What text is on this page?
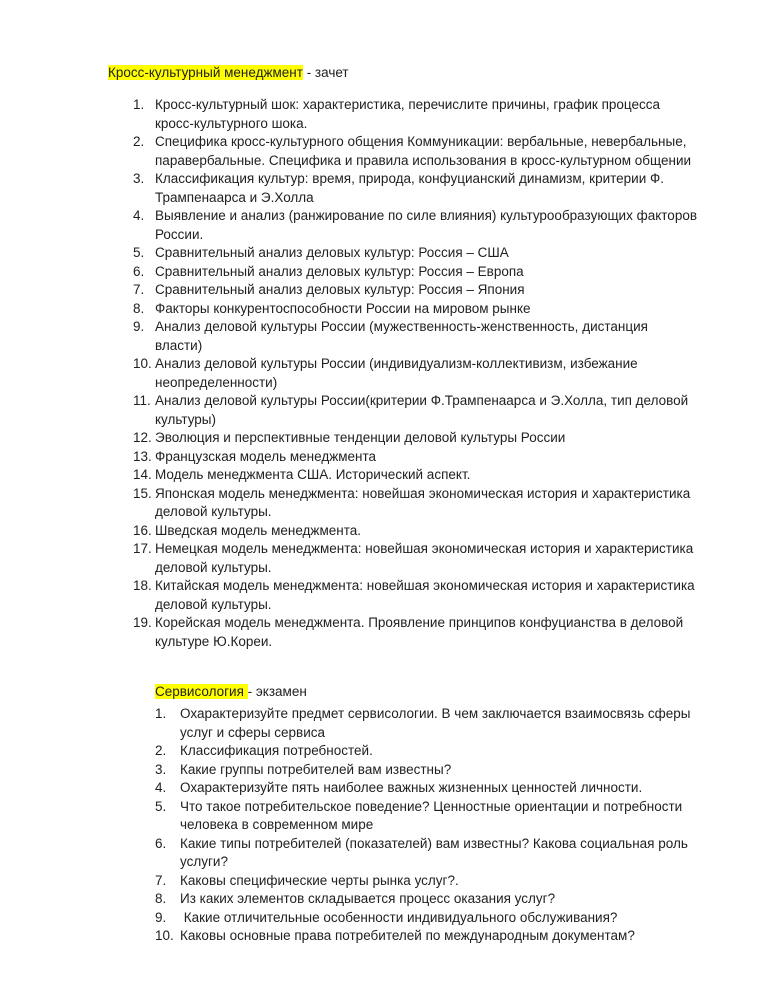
Кросс-культурный менеджмент - зачет
1. Кросс-культурный шок: характеристика, перечислите причины, график процесса  кросс-культурного шока.
2. Специфика кросс-культурного общения Коммуникации: вербальные, невербальные, паравербальные. Специфика и правила использования в кросс-культурном общении
3. Классификация культур: время, природа, конфуцианский динамизм, критерии Ф. Трампенаарса и Э.Холла
4. Выявление и анализ (ранжирование по силе влияния) культурообразующих факторов России.
5. Сравнительный анализ деловых культур: Россия – США
6. Сравнительный анализ деловых культур: Россия – Европа
7. Сравнительный анализ деловых культур: Россия – Япония
8. Факторы конкурентоспособности России на мировом рынке
9. Анализ деловой культуры России (мужественность-женственность, дистанция власти)
10. Анализ деловой культуры России (индивидуализм-коллективизм, избежание неопределенности)
11. Анализ деловой культуры России(критерии Ф.Трампенаарса и Э.Холла, тип деловой культуры)
12. Эволюция и перспективные тенденции деловой культуры России
13. Французская модель менеджмента
14. Модель менеджмента США. Исторический аспект.
15. Японская модель менеджмента: новейшая экономическая история и характеристика деловой культуры.
16. Шведская модель менеджмента.
17. Немецкая модель менеджмента: новейшая экономическая история и характеристика деловой культуры.
18. Китайская модель менеджмента: новейшая экономическая история и характеристика деловой культуры.
19. Корейская модель менеджмента. Проявление принципов конфуцианства в деловой культуре Ю.Кореи.
Сервисология - экзамен
1.	Охарактеризуйте предмет сервисологии. В чем заключается взаимосвязь сферы услуг и сферы сервиса
2.	Классификация потребностей.
3.	Какие группы потребителей вам известны?
4.	Охарактеризуйте пять наиболее важных жизненных ценностей личности.
5.	Что такое потребительское поведение? Ценностные ориентации и потребности человека в современном мире
6.	Какие типы потребителей (показателей) вам известны? Какова социальная роль услуги?
7.	Каковы специфические черты рынка услуг?.
8.	Из каких элементов складывается процесс оказания услуг?
9.	Какие отличительные особенности индивидуального обслуживания?
10. Каковы основные права потребителей по международным документам?
